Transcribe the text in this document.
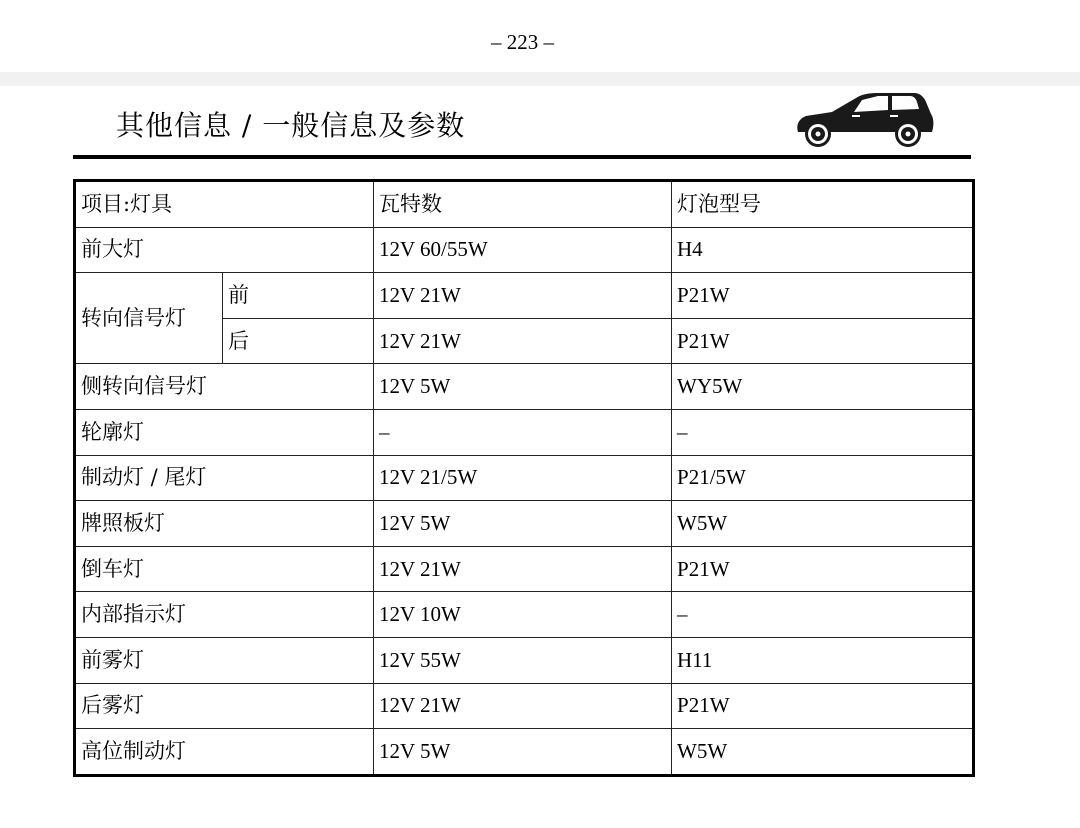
– 223 –
其他信息 / 一般信息及参数
项目:灯具		瓦特数	灯泡型号
前大灯		12V 60/55W	H4
转向信号灯	前	12V 21W	P21W
	后	12V 21W	P21W
侧转向信号灯		12V 5W	WY5W
轮廓灯		–	–
制动灯 / 尾灯		12V 21/5W	P21/5W
牌照板灯		12V 5W	W5W
倒车灯		12V 21W	P21W
内部指示灯		12V 10W	–
前雾灯		12V 55W	H11
后雾灯		12V 21W	P21W
高位制动灯		12V 5W	W5W
